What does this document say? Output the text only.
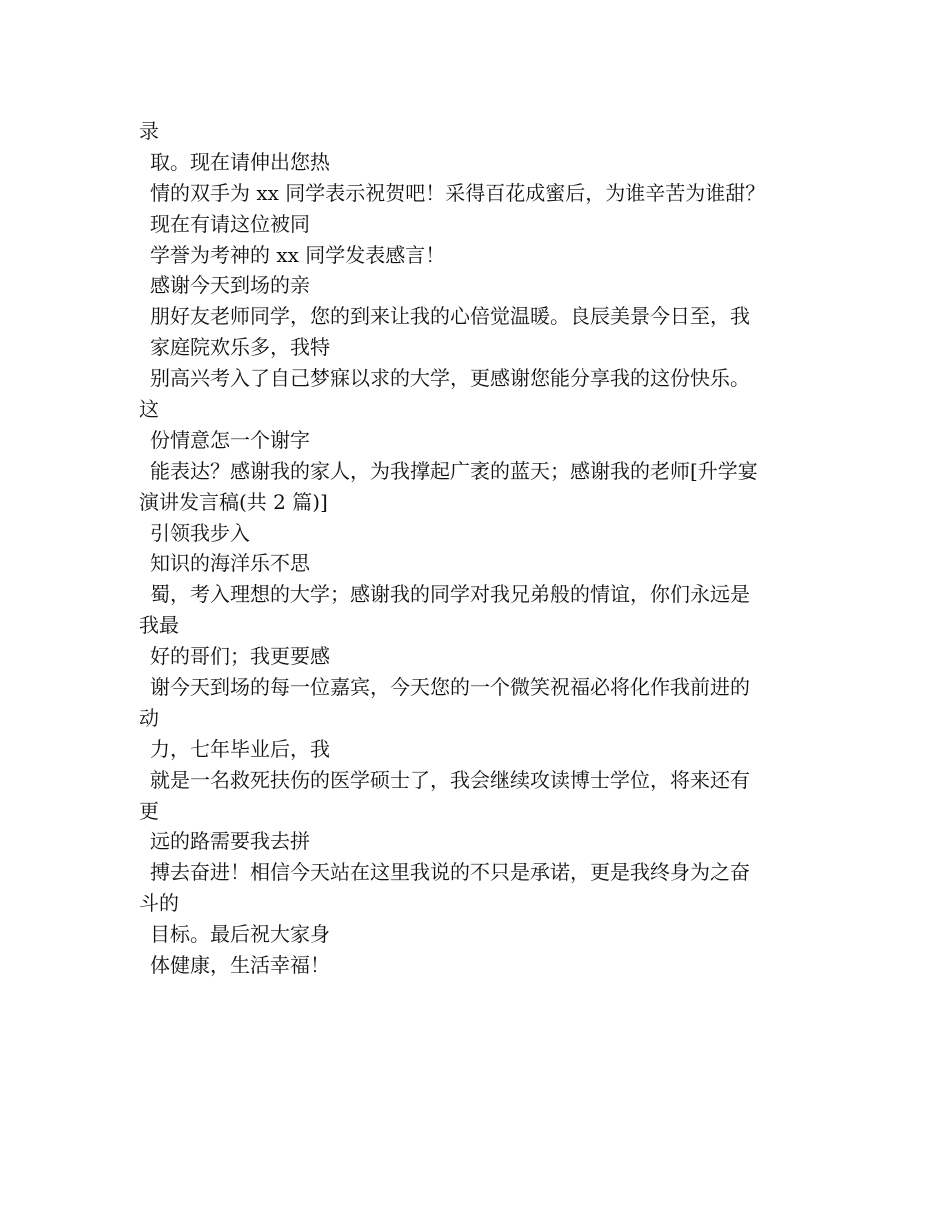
录
取。现在请伸出您热
情的双手为 xx 同学表示祝贺吧！采得百花成蜜后，为谁辛苦为谁甜？
现在有请这位被同
学誉为考神的 xx 同学发表感言！
感谢今天到场的亲
朋好友老师同学，您的到来让我的心倍觉温暖。良辰美景今日至，我
家庭院欢乐多，我特
别高兴考入了自己梦寐以求的大学，更感谢您能分享我的这份快乐。
这
份情意怎一个谢字
能表达？感谢我的家人，为我撑起广袤的蓝天；感谢我的老师[升学宴
演讲发言稿(共 2 篇)]
引领我步入
知识的海洋乐不思
蜀，考入理想的大学；感谢我的同学对我兄弟般的情谊，你们永远是
我最
好的哥们；我更要感
谢今天到场的每一位嘉宾，今天您的一个微笑祝福必将化作我前进的
动
力，七年毕业后，我
就是一名救死扶伤的医学硕士了，我会继续攻读博士学位，将来还有
更
远的路需要我去拼
搏去奋进！相信今天站在这里我说的不只是承诺，更是我终身为之奋
斗的
目标。最后祝大家身
体健康，生活幸福！
